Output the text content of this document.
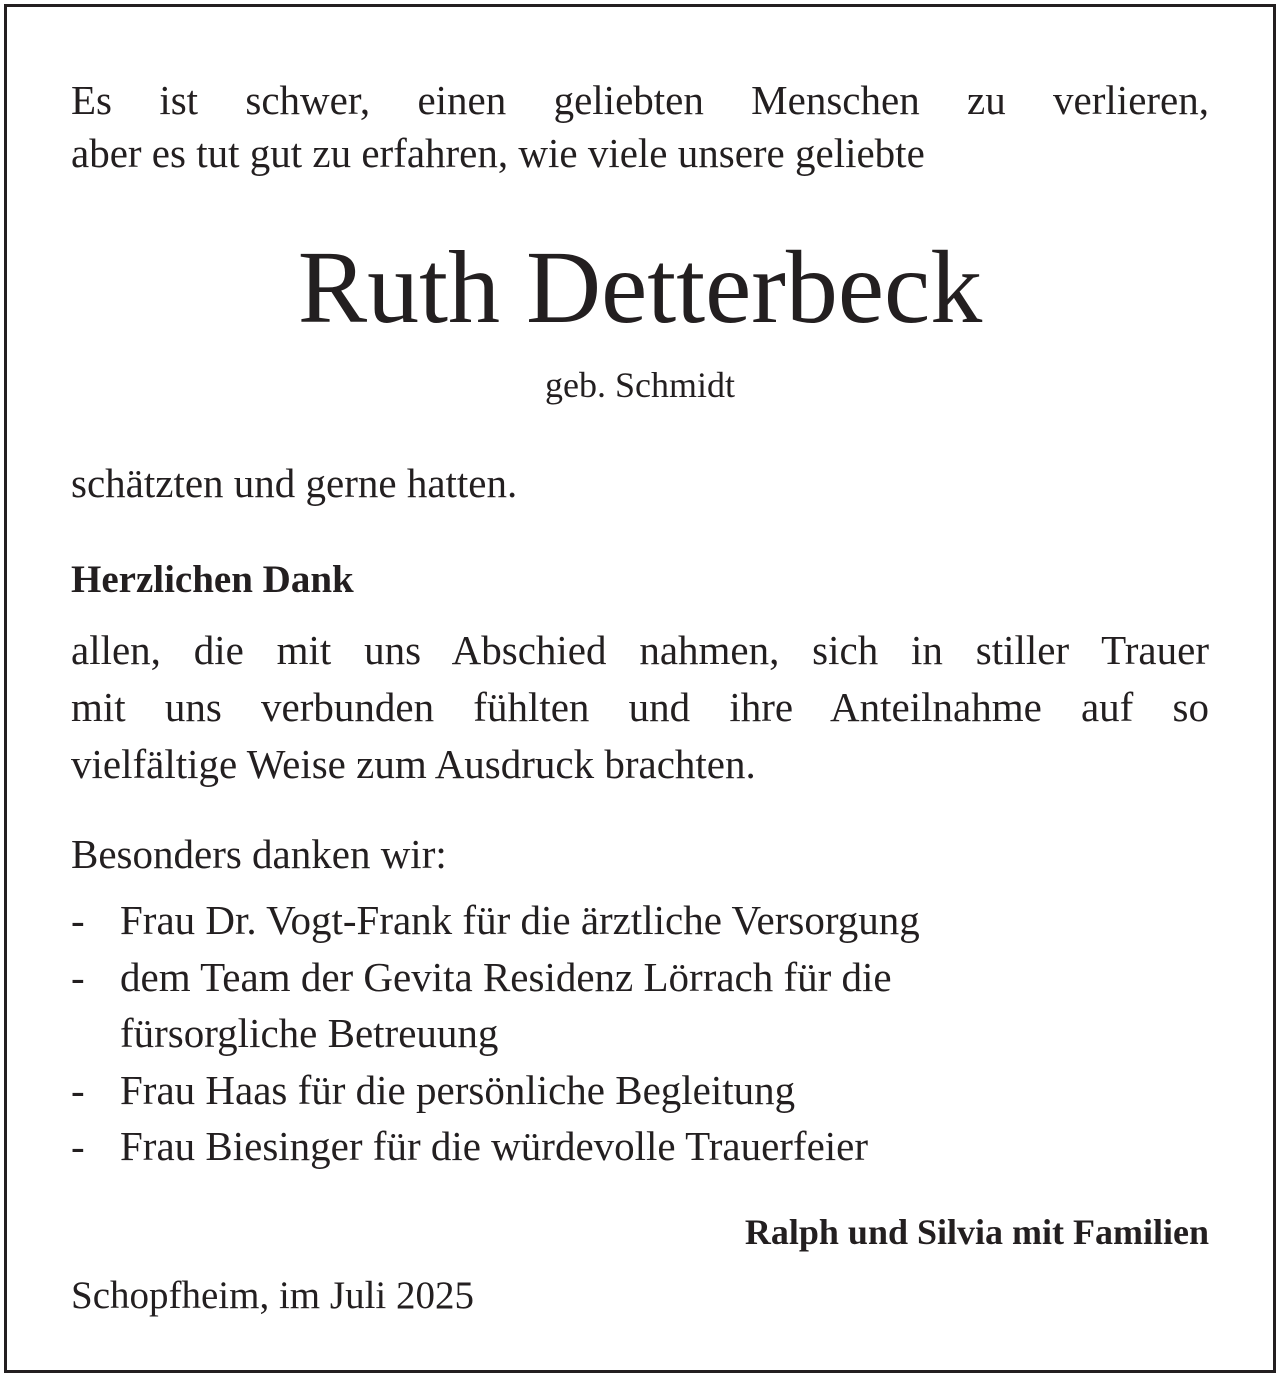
Es ist schwer, einen geliebten Menschen zu verlieren,
aber es tut gut zu erfahren, wie viele unsere geliebte
Ruth Detterbeck
geb. Schmidt
schätzten und gerne hatten.
Herzlichen Dank
allen, die mit uns Abschied nahmen, sich in stiller Trauer
mit uns verbunden fühlten und ihre Anteilnahme auf so
vielfältige Weise zum Ausdruck brachten.
Besonders danken wir:
- Frau Dr. Vogt-Frank für die ärztliche Versorgung
- dem Team der Gevita Residenz Lörrach für die
fürsorgliche Betreuung
- Frau Haas für die persönliche Begleitung
- Frau Biesinger für die würdevolle Trauerfeier
Ralph und Silvia mit Familien
Schopfheim, im Juli 2025
